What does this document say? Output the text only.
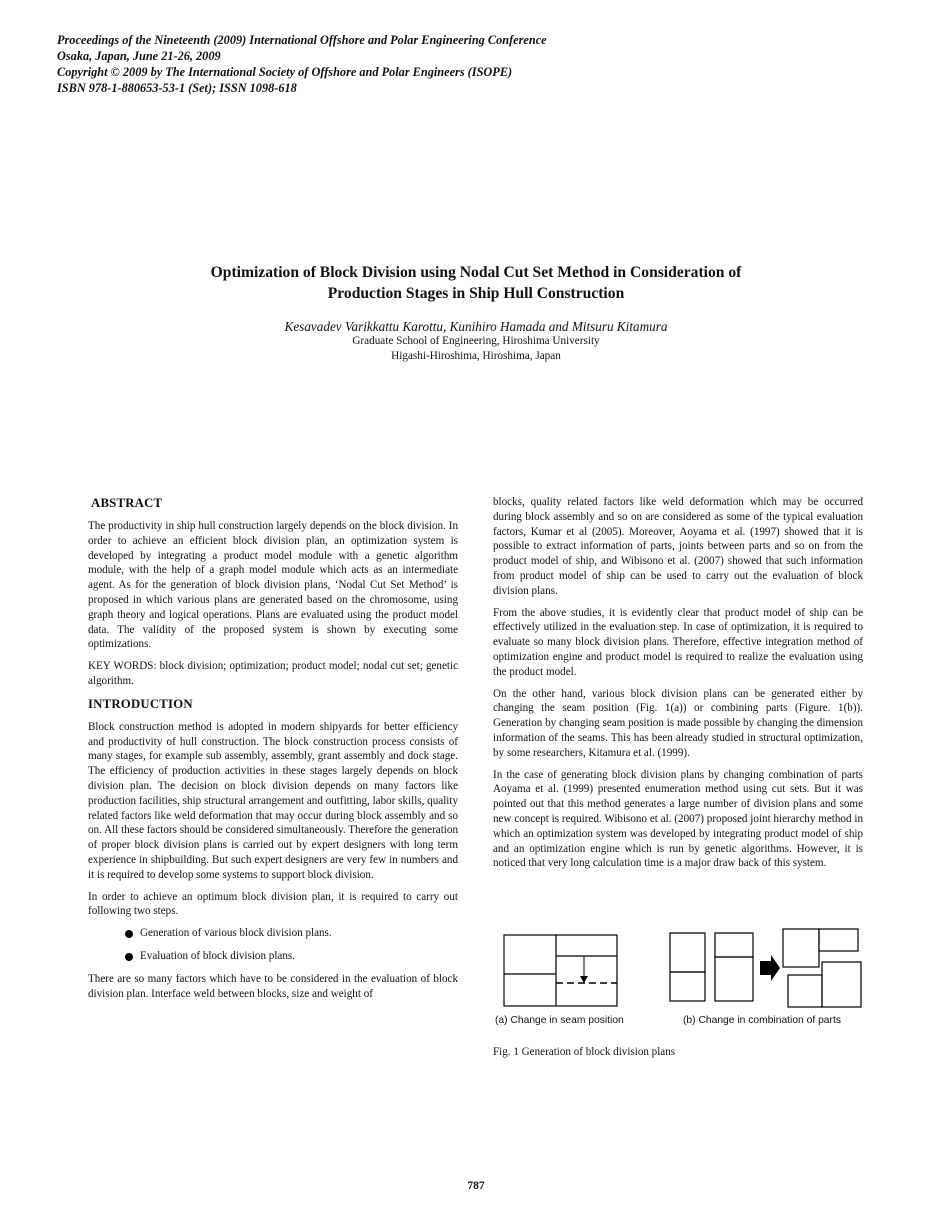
Proceedings of the Nineteenth (2009) International Offshore and Polar Engineering Conference
Osaka, Japan, June 21-26, 2009
Copyright © 2009 by The International Society of Offshore and Polar Engineers (ISOPE)
ISBN 978-1-880653-53-1 (Set); ISSN 1098-618
Optimization of Block Division using Nodal Cut Set Method in Consideration of
Production Stages in Ship Hull Construction
Kesavadev Varikkattu Karottu, Kunihiro Hamada and Mitsuru Kitamura
Graduate School of Engineering, Hiroshima University
Higashi-Hiroshima, Hiroshima, Japan
ABSTRACT

The productivity in ship hull construction largely depends on the block division. In order to achieve an efficient block division plan, an optimization system is developed by integrating a product model module with a genetic algorithm module, with the help of a graph model module which acts as an intermediate agent. As for the generation of block division plans, ‘Nodal Cut Set Method’ is proposed in which various plans are generated based on the chromosome, using graph theory and logical operations. Plans are evaluated using the product model data. The validity of the proposed system is shown by executing some optimizations.

KEY WORDS: block division; optimization; product model; nodal cut set; genetic algorithm.

INTRODUCTION

Block construction method is adopted in modern shipyards for better efficiency and productivity of hull construction. The block construction process consists of many stages, for example sub assembly, assembly, grant assembly and dock stage. The efficiency of production activities in these stages largely depends on block division plan. The decision on block division depends on many factors like production facilities, ship structural arrangement and outfitting, labor skills, quality related factors like weld deformation that may occur during block assembly and so on. All these factors should be considered simultaneously. Therefore the generation of proper block division plans is carried out by expert designers with long term experience in shipbuilding. But such expert designers are very few in numbers and it is required to develop some systems to support block division.

In order to achieve an optimum block division plan, it is required to carry out following two steps.

Generation of various block division plans.
Evaluation of block division plans.

There are so many factors which have to be considered in the evaluation of block division plan. Interface weld between blocks, size and weight of

blocks, quality related factors like weld deformation which may be occurred during block assembly and so on are considered as some of the typical evaluation factors, Kumar et al (2005). Moreover, Aoyama et al. (1997) showed that it is possible to extract information of parts, joints between parts and so on from the product model of ship, and Wibisono et al. (2007) showed that such information from product model of ship can be used to carry out the evaluation of block division plans.

From the above studies, it is evidently clear that product model of ship can be effectively utilized in the evaluation step. In case of optimization, it is required to evaluate so many block division plans. Therefore, effective integration method of optimization engine and product model is required to realize the evaluation using the product model.

On the other hand, various block division plans can be generated either by changing the seam position (Fig. 1(a)) or combining parts (Figure. 1(b)). Generation by changing seam position is made possible by changing the dimension information of the seams. This has been already studied in structural optimization, by some researchers, Kitamura et al. (1999).

In the case of generating block division plans by changing combination of parts Aoyama et al. (1999) presented enumeration method using cut sets. But it was pointed out that this method generates a large number of division plans and some new concept is required. Wibisono et al. (2007) proposed joint hierarchy method in which an optimization system was developed by integrating product model of ship and an optimization engine which is run by genetic algorithms. However, it is noticed that very long calculation time is a major draw back of this system.

(a) Change in seam position	(b) Change in combination of parts
Fig. 1 Generation of block division plans
787
